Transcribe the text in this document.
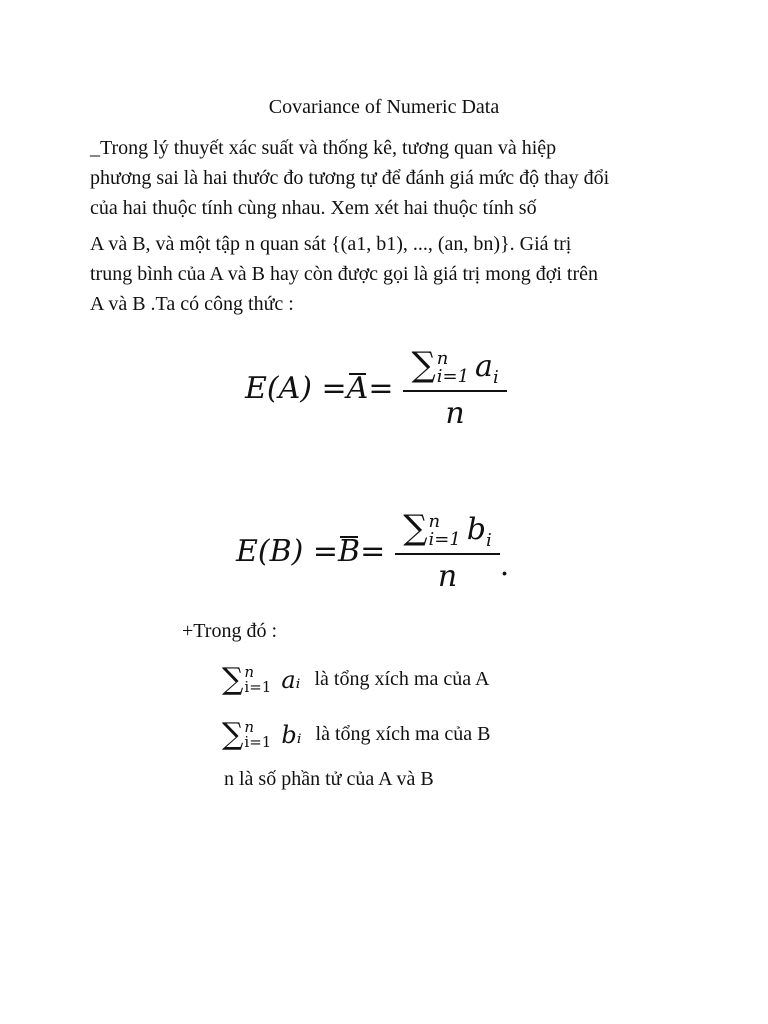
Covariance of Numeric Data

_Trong lý thuyết xác suất và thống kê, tương quan và hiệp
phương sai là hai thước đo tương tự để đánh giá mức độ thay đổi
của hai thuộc tính cùng nhau. Xem xét hai thuộc tính số

A và B, và một tập n quan sát {(a1, b1), ..., (an, bn)}. Giá trị
trung bình của A và B hay còn được gọi là giá trị mong đợi trên
A và B .Ta có công thức :

E(A) = A = ∑ n
i=1 $a_i$
n
E(B) = B = ∑ n
i=1 $b_i$
n .
+Trong đó :
∑ n
i=1 aᵢ là tổng xích ma của A
∑ n
i=1 bᵢ là tổng xích ma của B
n là số phần tử của A và B
